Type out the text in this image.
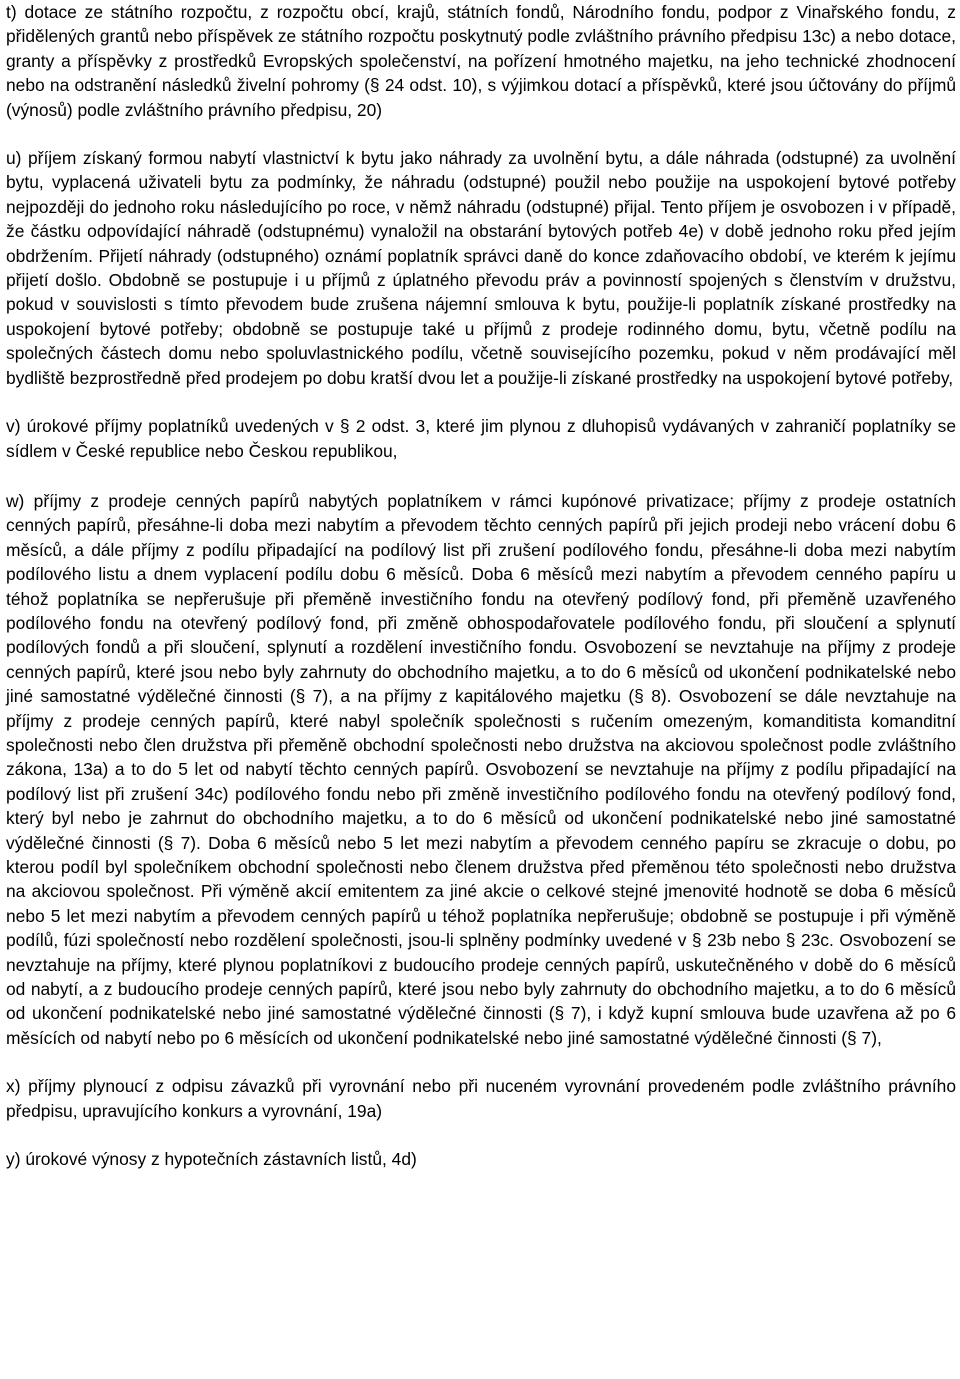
t) dotace ze státního rozpočtu, z rozpočtu obcí, krajů, státních fondů, Národního fondu, podpor z Vinařského fondu, z přidělených grantů nebo příspěvek ze státního rozpočtu poskytnutý podle zvláštního právního předpisu 13c) a nebo dotace, granty a příspěvky z prostředků Evropských společenství, na pořízení hmotného majetku, na jeho technické zhodnocení nebo na odstranění následků živelní pohromy (§ 24 odst. 10), s výjimkou dotací a příspěvků, které jsou účtovány do příjmů (výnosů) podle zvláštního právního předpisu, 20)

u) příjem získaný formou nabytí vlastnictví k bytu jako náhrady za uvolnění bytu, a dále náhrada (odstupné) za uvolnění bytu, vyplacená uživateli bytu za podmínky, že náhradu (odstupné) použil nebo použije na uspokojení bytové potřeby nejpozději do jednoho roku následujícího po roce, v němž náhradu (odstupné) přijal. Tento příjem je osvobozen i v případě, že částku odpovídající náhradě (odstupnému) vynaložil na obstarání bytových potřeb 4e) v době jednoho roku před jejím obdržením. Přijetí náhrady (odstupného) oznámí poplatník správci daně do konce zdaňovacího období, ve kterém k jejímu přijetí došlo. Obdobně se postupuje i u příjmů z úplatného převodu práv a povinností spojených s členstvím v družstvu, pokud v souvislosti s tímto převodem bude zrušena nájemní smlouva k bytu, použije-li poplatník získané prostředky na uspokojení bytové potřeby; obdobně se postupuje také u příjmů z prodeje rodinného domu, bytu, včetně podílu na společných částech domu nebo spoluvlastnického podílu, včetně souvisejícího pozemku, pokud v něm prodávající měl bydliště bezprostředně před prodejem po dobu kratší dvou let a použije-li získané prostředky na uspokojení bytové potřeby,

v) úrokové příjmy poplatníků uvedených v § 2 odst. 3, které jim plynou z dluhopisů vydávaných v zahraničí poplatníky se sídlem v České republice nebo Českou republikou,

w) příjmy z prodeje cenných papírů nabytých poplatníkem v rámci kupónové privatizace; příjmy z prodeje ostatních cenných papírů, přesáhne-li doba mezi nabytím a převodem těchto cenných papírů při jejich prodeji nebo vrácení dobu 6 měsíců, a dále příjmy z podílu připadající na podílový list při zrušení podílového fondu, přesáhne-li doba mezi nabytím podílového listu a dnem vyplacení podílu dobu 6 měsíců. Doba 6 měsíců mezi nabytím a převodem cenného papíru u téhož poplatníka se nepřerušuje při přeměně investičního fondu na otevřený podílový fond, při přeměně uzavřeného podílového fondu na otevřený podílový fond, při změně obhospodařovatele podílového fondu, při sloučení a splynutí podílových fondů a při sloučení, splynutí a rozdělení investičního fondu. Osvobození se nevztahuje na příjmy z prodeje cenných papírů, které jsou nebo byly zahrnuty do obchodního majetku, a to do 6 měsíců od ukončení podnikatelské nebo jiné samostatné výdělečné činnosti (§ 7), a na příjmy z kapitálového majetku (§ 8). Osvobození se dále nevztahuje na příjmy z prodeje cenných papírů, které nabyl společník společnosti s ručením omezeným, komanditista komanditní společnosti nebo člen družstva při přeměně obchodní společnosti nebo družstva na akciovou společnost podle zvláštního zákona, 13a) a to do 5 let od nabytí těchto cenných papírů. Osvobození se nevztahuje na příjmy z podílu připadající na podílový list při zrušení 34c) podílového fondu nebo při změně investičního podílového fondu na otevřený podílový fond, který byl nebo je zahrnut do obchodního majetku, a to do 6 měsíců od ukončení podnikatelské nebo jiné samostatné výdělečné činnosti (§ 7). Doba 6 měsíců nebo 5 let mezi nabytím a převodem cenného papíru se zkracuje o dobu, po kterou podíl byl společníkem obchodní společnosti nebo členem družstva před přeměnou této společnosti nebo družstva na akciovou společnost. Při výměně akcií emitentem za jiné akcie o celkové stejné jmenovité hodnotě se doba 6 měsíců nebo 5 let mezi nabytím a převodem cenných papírů u téhož poplatníka nepřerušuje; obdobně se postupuje i při výměně podílů, fúzi společností nebo rozdělení společnosti, jsou-li splněny podmínky uvedené v § 23b nebo § 23c. Osvobození se nevztahuje na příjmy, které plynou poplatníkovi z budoucího prodeje cenných papírů, uskutečněného v době do 6 měsíců od nabytí, a z budoucího prodeje cenných papírů, které jsou nebo byly zahrnuty do obchodního majetku, a to do 6 měsíců od ukončení podnikatelské nebo jiné samostatné výdělečné činnosti (§ 7), i když kupní smlouva bude uzavřena až po 6 měsících od nabytí nebo po 6 měsících od ukončení podnikatelské nebo jiné samostatné výdělečné činnosti (§ 7),

x) příjmy plynoucí z odpisu závazků při vyrovnání nebo při nuceném vyrovnání provedeném podle zvláštního právního předpisu, upravujícího konkurs a vyrovnání, 19a)

y) úrokové výnosy z hypotečních zástavních listů, 4d)
